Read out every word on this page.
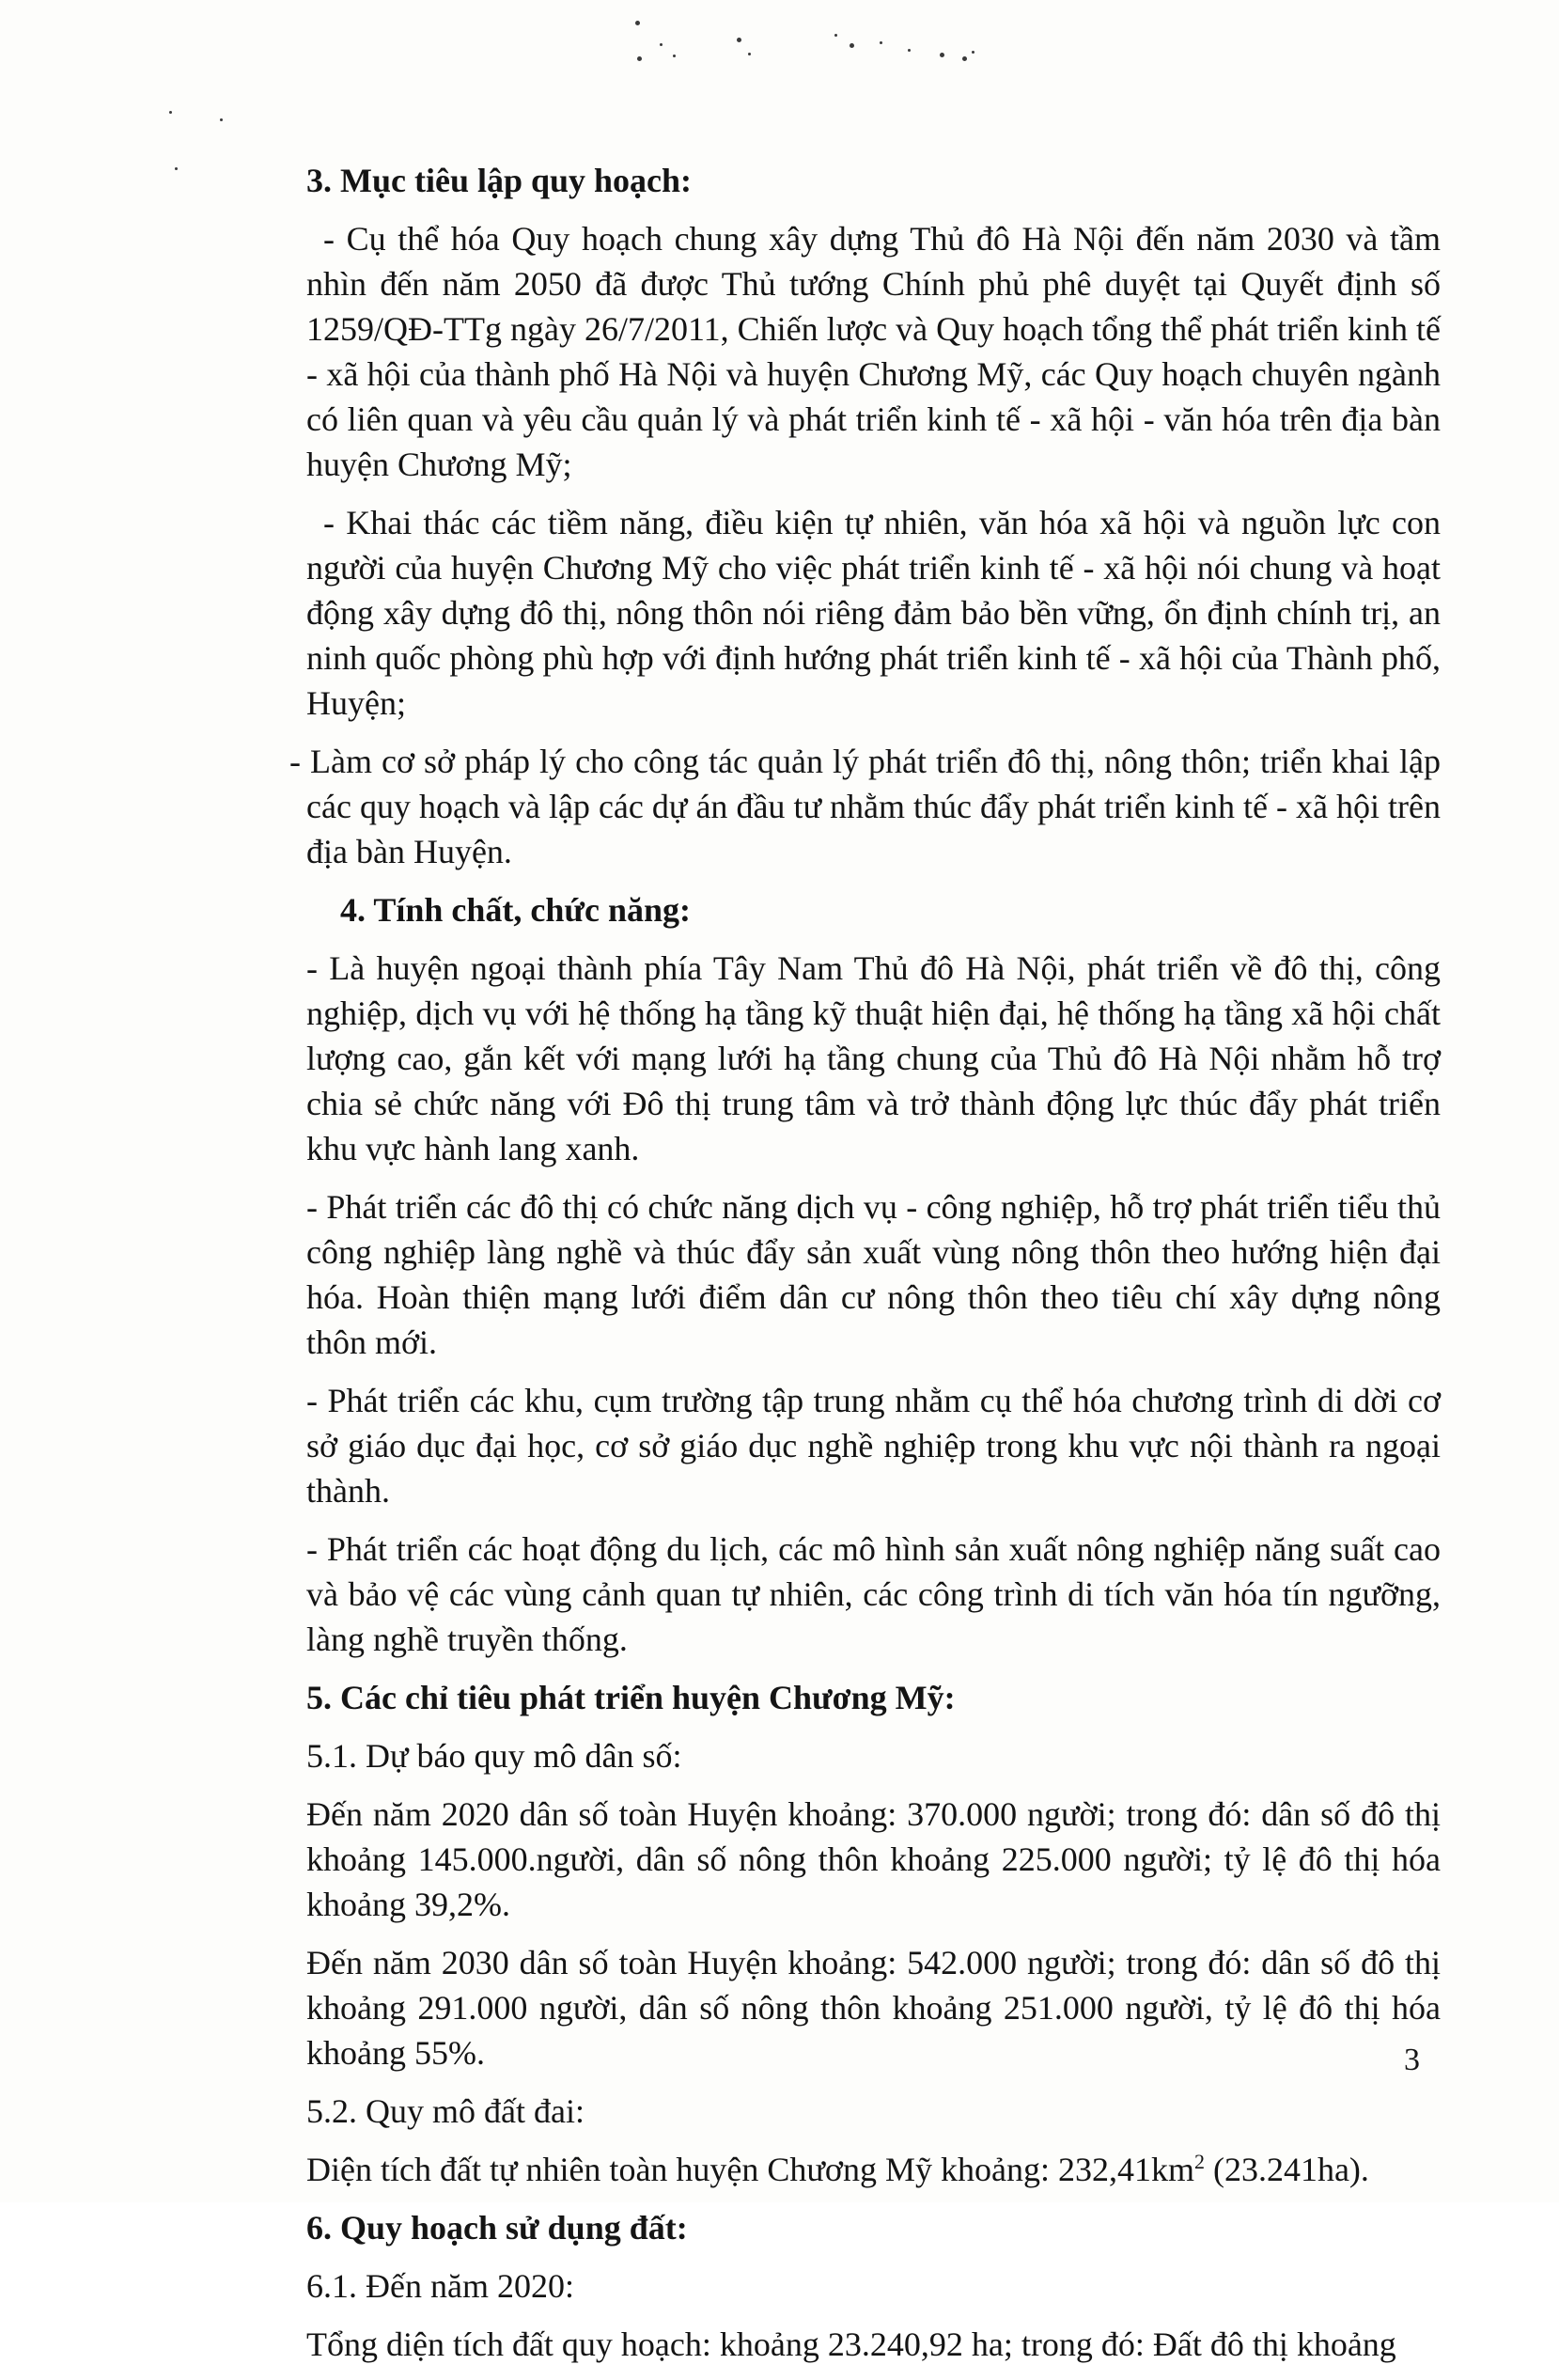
3. Mục tiêu lập quy hoạch:
- Cụ thể hóa Quy hoạch chung xây dựng Thủ đô Hà Nội đến năm 2030 và tầm nhìn đến năm 2050 đã được Thủ tướng Chính phủ phê duyệt tại Quyết định số 1259/QĐ-TTg ngày 26/7/2011, Chiến lược và Quy hoạch tổng thể phát triển kinh tế - xã hội của thành phố Hà Nội và huyện Chương Mỹ, các Quy hoạch chuyên ngành có liên quan và yêu cầu quản lý và phát triển kinh tế - xã hội - văn hóa trên địa bàn huyện Chương Mỹ;
- Khai thác các tiềm năng, điều kiện tự nhiên, văn hóa xã hội và nguồn lực con người của huyện Chương Mỹ cho việc phát triển kinh tế - xã hội nói chung và hoạt động xây dựng đô thị, nông thôn nói riêng đảm bảo bền vững, ổn định chính trị, an ninh quốc phòng phù hợp với định hướng phát triển kinh tế - xã hội của Thành phố, Huyện;
- Làm cơ sở pháp lý cho công tác quản lý phát triển đô thị, nông thôn; triển khai lập các quy hoạch và lập các dự án đầu tư nhằm thúc đẩy phát triển kinh tế - xã hội trên địa bàn Huyện.
4. Tính chất, chức năng:
- Là huyện ngoại thành phía Tây Nam Thủ đô Hà Nội, phát triển về đô thị, công nghiệp, dịch vụ với hệ thống hạ tầng kỹ thuật hiện đại, hệ thống hạ tầng xã hội chất lượng cao, gắn kết với mạng lưới hạ tầng chung của Thủ đô Hà Nội nhằm hỗ trợ chia sẻ chức năng với Đô thị trung tâm và trở thành động lực thúc đẩy phát triển khu vực hành lang xanh.
- Phát triển các đô thị có chức năng dịch vụ - công nghiệp, hỗ trợ phát triển tiểu thủ công nghiệp làng nghề và thúc đẩy sản xuất vùng nông thôn theo hướng hiện đại hóa. Hoàn thiện mạng lưới điểm dân cư nông thôn theo tiêu chí xây dựng nông thôn mới.
- Phát triển các khu, cụm trường tập trung nhằm cụ thể hóa chương trình di dời cơ sở giáo dục đại học, cơ sở giáo dục nghề nghiệp trong khu vực nội thành ra ngoại thành.
- Phát triển các hoạt động du lịch, các mô hình sản xuất nông nghiệp năng suất cao và bảo vệ các vùng cảnh quan tự nhiên, các công trình di tích văn hóa tín ngưỡng, làng nghề truyền thống.
5. Các chỉ tiêu phát triển huyện Chương Mỹ:
5.1. Dự báo quy mô dân số:
Đến năm 2020 dân số toàn Huyện khoảng: 370.000 người; trong đó: dân số đô thị khoảng 145.000.người, dân số nông thôn khoảng 225.000 người; tỷ lệ đô thị hóa khoảng 39,2%.
Đến năm 2030 dân số toàn Huyện khoảng: 542.000 người; trong đó: dân số đô thị khoảng 291.000 người, dân số nông thôn khoảng 251.000 người, tỷ lệ đô thị hóa khoảng 55%.
5.2. Quy mô đất đai:
Diện tích đất tự nhiên toàn huyện Chương Mỹ khoảng: $232,41km^2$ (23.241ha).
6. Quy hoạch sử dụng đất:
6.1. Đến năm 2020:
Tổng diện tích đất quy hoạch: khoảng 23.240,92 ha; trong đó: Đất đô thị khoảng
3
